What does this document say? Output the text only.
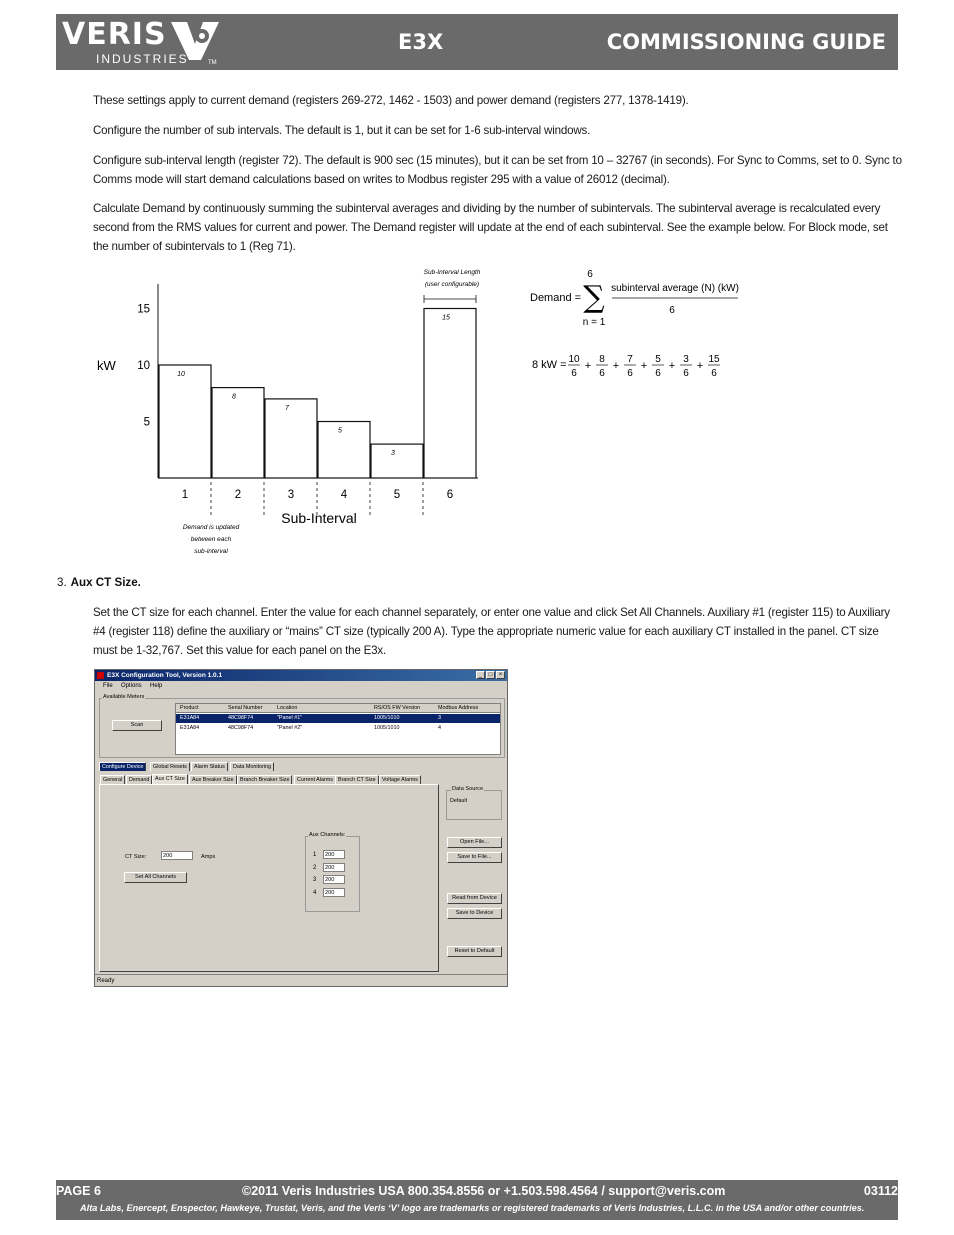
VERIS
INDUSTRIES	TM
E3X	COMMISSIONING GUIDE
These settings apply to current demand (registers 269-272, 1462 - 1503) and power demand (registers 277, 1378-1419).
Configure the number of sub intervals. The default is 1, but it can be set for 1-6 sub-interval windows.
Configure sub-interval length (register 72). The default is 900 sec (15 minutes), but it can be set from 10 – 32767 (in seconds). For Sync to Comms, set to 0. Sync to Comms mode will start demand calculations based on writes to Modbus register 295 with a value of 26012 (decimal).
Calculate Demand by continuously summing the subinterval averages and dividing by the number of subintervals. The subinterval average is recalculated every second from the RMS values for current and power. The Demand register will update at the end of each subinterval. See the example below. For Block mode, set the number of subintervals to 1 (Reg 71).
10
1
8
2
7
3
5
4
3
5
15
6
5
10
15
kW
Sub-Interval
Sub-Interval Length
(user configurable)
Demand is updated
between each
sub-interval
Demand =
6
∑
n = 1
subinterval average (N) (kW)
6
8 kW = 10
6
+
8
6
+
7
6
+
5
6
+
3
6
+
15
6
3. Aux CT Size.
Set the CT size for each channel. Enter the value for each channel separately, or enter one value and click Set All Channels. Auxiliary #1 (register 115) to Auxiliary #4 (register 118) define the auxiliary or “mains” CT size (typically 200 A). Type the appropriate numeric value for each auxiliary CT installed in the panel. CT size must be 1-32,767. Set this value for each panel on the E3x.
E3X Configuration Tool, Version 1.0.1	_	□	×
File Options Help
Available Meters
Scan
Product	Serial Number	Location	RS/OS FW Version	Modbus Address
E31A84	48C98F74	"Panel #1"	1005/1010	3
E31A84	48C98F74	"Panel #2"	1005/1010	4
Configure Device	Global Resets	Alarm Status	Data Monitoring
General	Demand	Aux CT Size	Aux Breaker Size	Branch Breaker Size	Current Alarms Branch CT Size	Voltage Alarms
CT Size:	200	Amps
Set All Channels
Aux Channels:
1	200
2	200
3	200
4	200
Data Source
Default
Open File...
Save to File...
Read from Device
Save to Device
Reset to Default
Ready
PAGE 6	©2011 Veris Industries USA 800.354.8556 or +1.503.598.4564 / support@veris.com	03112
Alta Labs, Enercept, Enspector, Hawkeye, Trustat, Veris, and the Veris ‘V’ logo are trademarks or registered trademarks of Veris Industries, L.L.C. in the USA and/or other countries.
